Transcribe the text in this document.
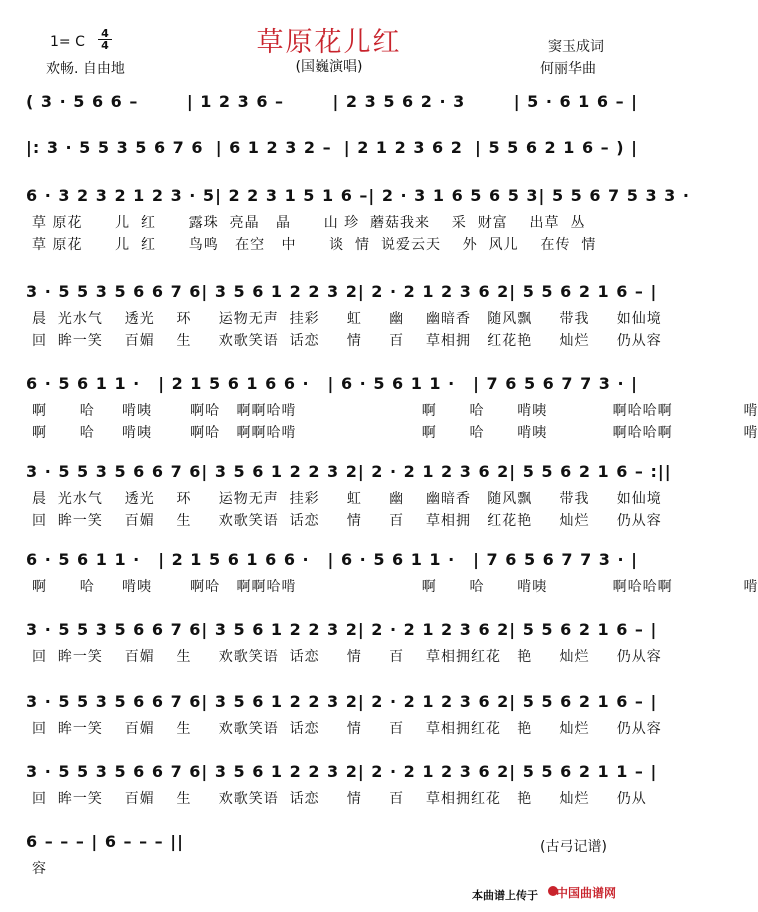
1= C
4
4
欢畅. 自由地
草原花儿红
(国巍演唱)
窦玉成词
何丽华曲
( 3 · 5 6 6 –	| 1 2 3 6 –	| 2 3 5 6 2 · 3	| 5 · 6 1 6 – |
|: 3 · 5 5 3 5 6 7 6 | 6 1 2 3 2 – | 2 1 2 3 6 2 | 5 5 6 2 1 6 – ) |
6 · 3 2 3 2 1 2 3 · 5 | 2 2 3 1 5 1 6 – | 2 · 3 1 6 5 6 5 3 | 5 5 6 7 5 3 3 ·
草 原花      儿  红      露珠  亮晶   晶      山 珍  蘑菇我来    采  财富    出草  丛
草 原花      儿  红      鸟鸣   在空   中      谈  情  说爱云天    外  风儿    在传  情
3 · 5 5 3 5 6 6 7 6 | 3 5 6 1 2 2 3 2 | 2 · 2 1 2 3 6 2 | 5 5 6 2 1 6 – |
晨  光水气    透光    环     运物无声  挂彩     虹     幽    幽暗香   随风飘     带我     如仙境
回  眸一笑    百媚    生     欢歌笑语  话恋     情     百    草相拥   红花艳     灿烂     仍从容
6 · 5 6 1 1 · | 2 1 5 6 1 6 6 · | 6 · 5 6 1 1 · | 7 6 5 6 7 7 3 · |
啊      哈     啃咦       啊哈   啊啊哈啃                       啊      哈      啃咦            啊哈哈啊             啃
啊      哈     啃咦       啊哈   啊啊哈啃                       啊      哈      啃咦            啊哈哈啊             啃
3 · 5 5 3 5 6 6 7 6 | 3 5 6 1 2 2 3 2 | 2 · 2 1 2 3 6 2 | 5 5 6 2 1 6 – :||
晨  光水气    透光    环     运物无声  挂彩     虹     幽    幽暗香   随风飘     带我     如仙境
回  眸一笑    百媚    生     欢歌笑语  话恋     情     百    草相拥   红花艳     灿烂     仍从容
6 · 5 6 1 1 · | 2 1 5 6 1 6 6 · | 6 · 5 6 1 1 · | 7 6 5 6 7 7 3 · |
啊      哈     啃咦       啊哈   啊啊哈啃                       啊      哈      啃咦            啊哈哈啊             啃
3 · 5 5 3 5 6 6 7 6 | 3 5 6 1 2 2 3 2 | 2 · 2 1 2 3 6 2 | 5 5 6 2 1 6 – |
回  眸一笑    百媚    生     欢歌笑语  话恋     情     百    草相拥红花   艳     灿烂     仍从容
3 · 5 5 3 5 6 6 7 6 | 3 5 6 1 2 2 3 2 | 2 · 2 1 2 3 6 2 | 5 5 6 2 1 6 – |
回  眸一笑    百媚    生     欢歌笑语  话恋     情     百    草相拥红花   艳     灿烂     仍从容
3 · 5 5 3 5 6 6 7 6 | 3 5 6 1 2 2 3 2 | 2 · 2 1 2 3 6 2 | 5 5 6 2 1 1 – |
回  眸一笑    百媚    生     欢歌笑语  话恋     情     百    草相拥红花   艳     灿烂     仍从
6 – – – | 6 – – – ||
容
(古弓记谱)
本曲谱上传于 中国曲谱网
